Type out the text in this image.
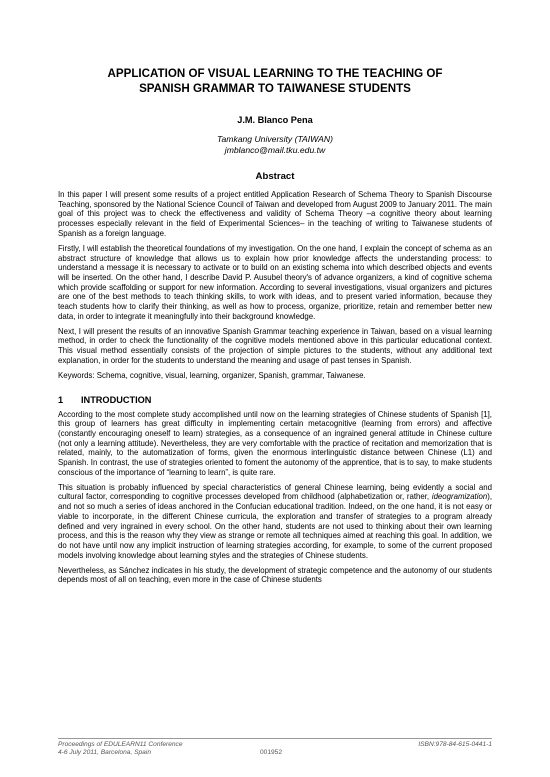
APPLICATION OF VISUAL LEARNING TO THE TEACHING OF
SPANISH GRAMMAR TO TAIWANESE STUDENTS
J.M. Blanco Pena
Tamkang University (TAIWAN)
jmblanco@mail.tku.edu.tw
Abstract

In this paper I will present some results of a project entitled Application Research of Schema Theory to Spanish Discourse Teaching, sponsored by the National Science Council of Taiwan and developed from August 2009 to January 2011. The main goal of this project was to check the effectiveness and validity of Schema Theory –a cognitive theory about learning processes especially relevant in the field of Experimental Sciences– in the teaching of writing to Taiwanese students of Spanish as a foreign language.

Firstly, I will establish the theoretical foundations of my investigation. On the one hand, I explain the concept of schema as an abstract structure of knowledge that allows us to explain how prior knowledge affects the understanding process: to understand a message it is necessary to activate or to build on an existing schema into which described objects and events will be inserted. On the other hand, I describe David P. Ausubel theory's of advance organizers, a kind of cognitive schema which provide scaffolding or support for new information. According to several investigations, visual organizers and pictures are one of the best methods to teach thinking skills, to work with ideas, and to present varied information, because they teach students how to clarify their thinking, as well as how to process, organize, prioritize, retain and remember better new data, in order to integrate it meaningfully into their background knowledge.

Next, I will present the results of an innovative Spanish Grammar teaching experience in Taiwan, based on a visual learning method, in order to check the functionality of the cognitive models mentioned above in this particular educational context. This visual method essentially consists of the projection of simple pictures to the students, without any additional text explanation, in order for the students to understand the meaning and usage of past tenses in Spanish.

Keywords: Schema, cognitive, visual, learning, organizer, Spanish, grammar, Taiwanese.

1 INTRODUCTION

According to the most complete study accomplished until now on the learning strategies of Chinese students of Spanish [1], this group of learners has great difficulty in implementing certain metacognitive (learning from errors) and affective (constantly encouraging oneself to learn) strategies, as a consequence of an ingrained general attitude in Chinese culture (not only a learning attitude). Nevertheless, they are very comfortable with the practice of recitation and memorization that is related, mainly, to the automatization of forms, given the enormous interlinguistic distance between Chinese (L1) and Spanish. In contrast, the use of strategies oriented to foment the autonomy of the apprentice, that is to say, to make students conscious of the importance of “learning to learn”, is quite rare.

This situation is probably influenced by special characteristics of general Chinese learning, being evidently a social and cultural factor, corresponding to cognitive processes developed from childhood (alphabetization or, rather, ideogramization), and not so much a series of ideas anchored in the Confucian educational tradition. Indeed, on the one hand, it is not easy or viable to incorporate, in the different Chinese curricula, the exploration and transfer of strategies to a program already defined and very ingrained in every school. On the other hand, students are not used to thinking about their own learning process, and this is the reason why they view as strange or remote all techniques aimed at reaching this goal. In addition, we do not have until now any implicit instruction of learning strategies according, for example, to some of the current proposed models involving knowledge about learning styles and the strategies of Chinese students.

Nevertheless, as Sánchez indicates in his study, the development of strategic competence and the autonomy of our students depends most of all on teaching, even more in the case of Chinese students

Proceedings of EDULEARN11 Conference
4-6 July 2011, Barcelona, Spain	001952
ISBN:978-84-615-0441-1
